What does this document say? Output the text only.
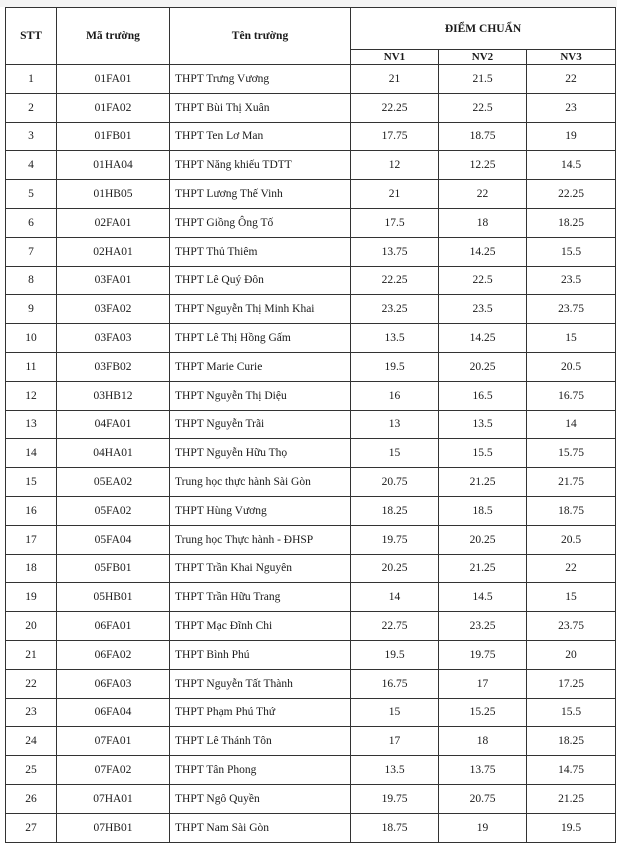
STT	Mã trường	Tên trường	ĐIỂM CHUẨN		
			NV1	NV2	NV3
1	01FA01	THPT Trưng Vương	21	21.5	22
2	01FA02	THPT Bùi Thị Xuân	22.25	22.5	23
3	01FB01	THPT Ten Lơ Man	17.75	18.75	19
4	01HA04	THPT Năng khiếu TDTT	12	12.25	14.5
5	01HB05	THPT Lương Thế Vinh	21	22	22.25
6	02FA01	THPT Giồng Ông Tố	17.5	18	18.25
7	02HA01	THPT Thủ Thiêm	13.75	14.25	15.5
8	03FA01	THPT Lê Quý Đôn	22.25	22.5	23.5
9	03FA02	THPT Nguyễn Thị Minh Khai	23.25	23.5	23.75
10	03FA03	THPT Lê Thị Hồng Gấm	13.5	14.25	15
11	03FB02	THPT Marie Curie	19.5	20.25	20.5
12	03HB12	THPT Nguyễn Thị Diệu	16	16.5	16.75
13	04FA01	THPT Nguyễn Trãi	13	13.5	14
14	04HA01	THPT Nguyễn Hữu Thọ	15	15.5	15.75
15	05EA02	Trung học thực hành Sài Gòn	20.75	21.25	21.75
16	05FA02	THPT Hùng Vương	18.25	18.5	18.75
17	05FA04	Trung học Thực hành - ĐHSP	19.75	20.25	20.5
18	05FB01	THPT Trần Khai Nguyên	20.25	21.25	22
19	05HB01	THPT Trần Hữu Trang	14	14.5	15
20	06FA01	THPT Mạc Đĩnh Chi	22.75	23.25	23.75
21	06FA02	THPT Bình Phú	19.5	19.75	20
22	06FA03	THPT Nguyễn Tất Thành	16.75	17	17.25
23	06FA04	THPT Phạm Phú Thứ	15	15.25	15.5
24	07FA01	THPT Lê Thánh Tôn	17	18	18.25
25	07FA02	THPT Tân Phong	13.5	13.75	14.75
26	07HA01	THPT Ngô Quyền	19.75	20.75	21.25
27	07HB01	THPT Nam Sài Gòn	18.75	19	19.5
